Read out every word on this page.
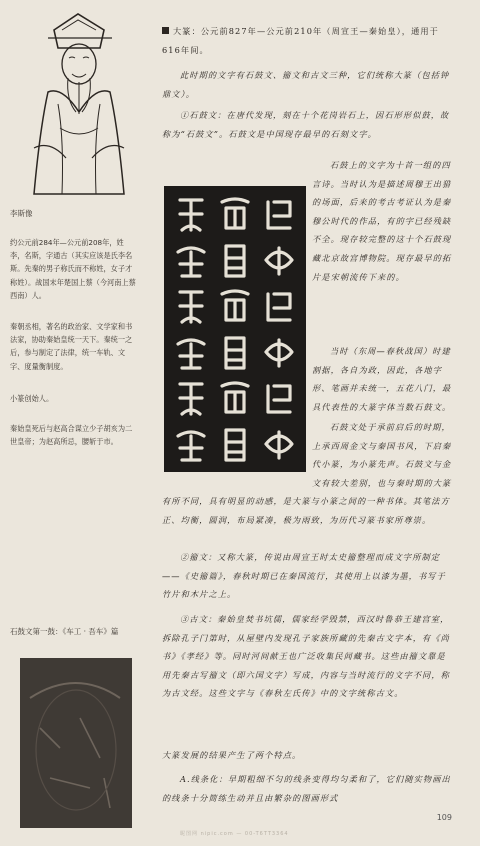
李斯像
约公元前284年—公元前208年，姓李，名斯，字通古（其实应该是氏李名斯。先秦的男子称氏而不称姓，女子才称姓）。战国末年楚国上蔡（今河南上蔡西南）人。
秦朝丞相，著名的政治家、文学家和书法家，协助秦始皇统一天下。秦统一之后，参与制定了法律，统一车轨、文字、度量衡制度。
小篆创始人。
秦始皇死后与赵高合谋立少子胡亥为二世皇帝；为赵高所忌，腰斩于市。
石鼓文第一鼓：《车工 · 吾车》篇
大篆：公元前827年—公元前210年（周宣王—秦始皇），通用于616年间。
此时期的文字有石鼓文、籀文和古文三种，它们统称大篆（包括钟鼎文）。
①石鼓文：在唐代发现，刻在十个花岗岩石上，因石形形似鼓，故称为“石鼓文”。石鼓文是中国现存最早的石刻文字。
石鼓上的文字为十首一组的四言诗。当时认为是描述周穆王出猎的场面，后来的考古考证认为是秦穆公时代的作品，有的字已经残缺不全。现存较完整的这十个石鼓现藏北京故宫博物院。现存最早的拓片是宋朝流传下来的。
当时（东周—春秋战国）时建割据，各自为政，因此，各地字形、笔画并未统一，五花八门，最具代表性的大篆字体当数石鼓文。
石鼓文处于承前启后的时期，上承西周金文与秦国书风，下启秦代小篆，为小篆先声。石鼓文与金文有较大差别，也与秦时期的大篆有所不同，具有明显的动感，是大篆与小篆之间的一种书体。其笔法方正、均衡，圆润，布局紧凑，极为雨致，为历代习篆书家所尊崇。
②籀文：又称大篆，传说由周宣王时太史籀整理而成文字所制定——《史籀篇》，春秋时期已在秦国流行，其使用上以漆为墨，书写于竹片和木片之上。
③古文：秦始皇焚书坑儒，儒家经学毁禁，西汉时鲁恭王建宫室，拆除孔子门第时，从屋壁内发现孔子家族所藏的先秦古文字本，有《尚书》《孝经》等。同时河间献王也广泛收集民间藏书。这些由籀文靠是用先秦古写籀文（即六国文字）写成，内容与当时流行的文字不同，称为古文经。这些文字与《春秋左氏传》中的文字统称古文。
大篆发展的结果产生了两个特点。
A.线条化：早期粗细不匀的线条变得均匀柔和了，它们随实物画出的线条十分简练生动并且由繁杂的图画形式
109
昵图网 nipic.com — 00-T6TT3364
